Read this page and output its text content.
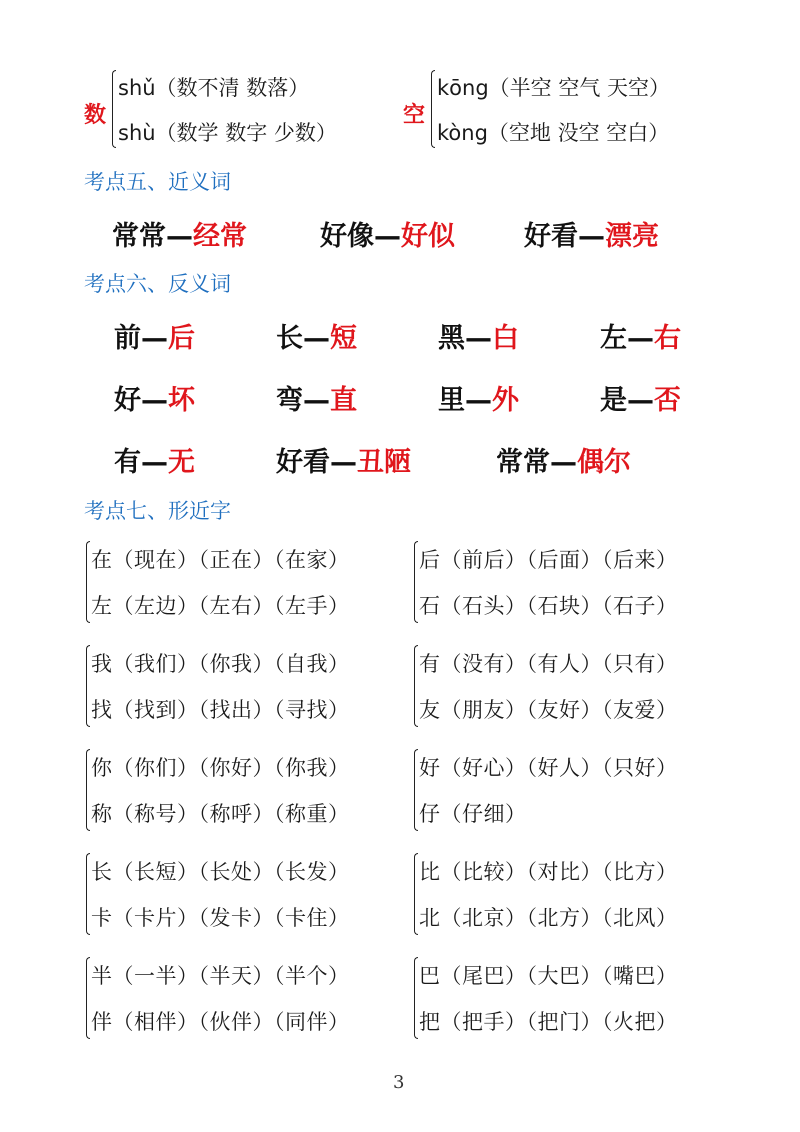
数
shǔ（数不清 数落）
shù（数学 数字 少数）
空
kōng（半空 空气 天空）
kòng（空地 没空 空白）
考点五、近义词
常常—经常	好像—好似	好看—漂亮
考点六、反义词
前—后	长—短	黑—白	左—右
好—坏	弯—直	里—外	是—否
有—无	好看—丑陋	常常—偶尔
考点七、形近字
在（现在）（正在）（在家）
左（左边）（左右）（左手）
后（前后）（后面）（后来）
石（石头）（石块）（石子）
我（我们）（你我）（自我）
找（找到）（找出）（寻找）
有（没有）（有人）（只有）
友（朋友）（友好）（友爱）
你（你们）（你好）（你我）
称（称号）（称呼）（称重）
好（好心）（好人）（只好）
仔（仔细）
长（长短）（长处）（长发）
卡（卡片）（发卡）（卡住）
比（比较）（对比）（比方）
北（北京）（北方）（北风）
半（一半）（半天）（半个）
伴（相伴）（伙伴）（同伴）
巴（尾巴）（大巴）（嘴巴）
把（把手）（把门）（火把）
3
